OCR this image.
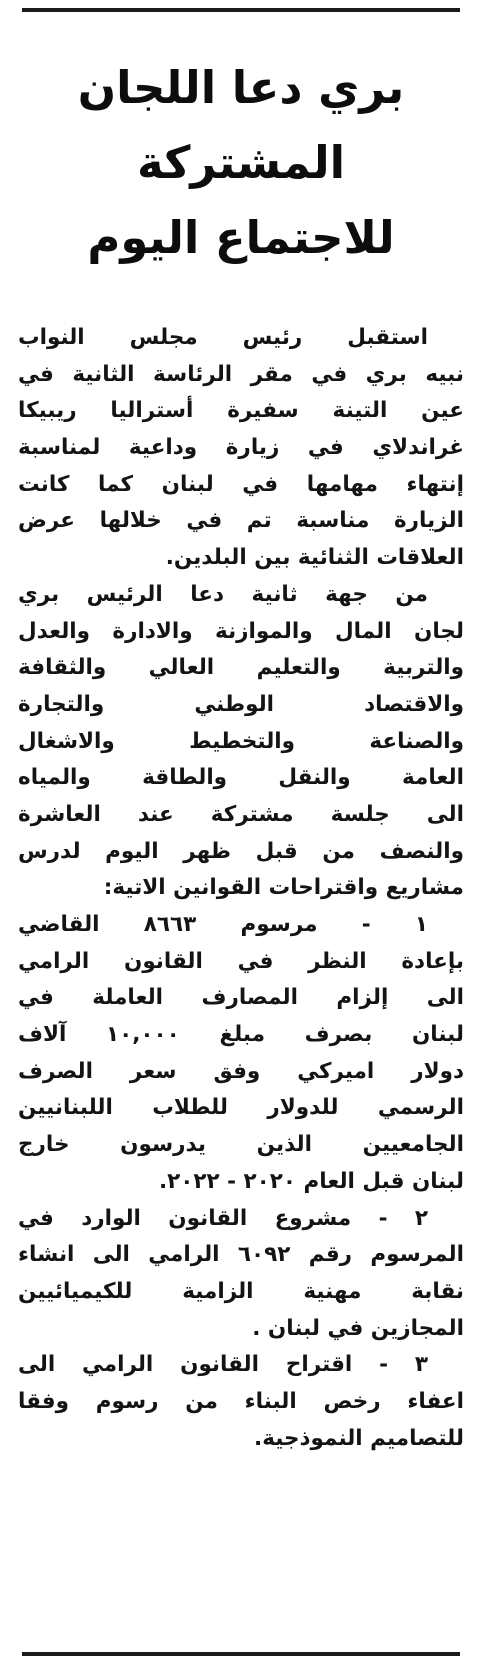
بري دعا اللجان
المشتركة
للاجتماع اليوم
استقبل رئيس مجلس النواب
نبيه بري في مقر الرئاسة الثانية في
عين التينة سفيرة أستراليا ريبيكا
غراندلاي في زيارة وداعية لمناسبة
إنتهاء مهامها في لبنان كما كانت
الزيارة مناسبة تم في خلالها عرض
العلاقات الثنائية بين البلدين.
من جهة ثانية دعا الرئيس بري
لجان المال والموازنة والادارة والعدل
والتربية والتعليم العالي والثقافة
والاقتصاد الوطني والتجارة
والصناعة والتخطيط والاشغال
العامة والنقل والطاقة والمياه
الى جلسة مشتركة عند العاشرة
والنصف من قبل ظهر اليوم لدرس
مشاريع واقتراحات القوانين الاتية:
١ - مرسوم ٨٦٦٣ القاضي
بإعادة النظر في القانون الرامي
الى إلزام المصارف العاملة في
لبنان بصرف مبلغ ١٠,٠٠٠ آلاف
دولار اميركي وفق سعر الصرف
الرسمي للدولار للطلاب اللبنانيين
الجامعيين الذين يدرسون خارج
لبنان قبل العام ٢٠٢٠ - ٢٠٢٢.
٢ - مشروع القانون الوارد في
المرسوم رقم ٦٠٩٢ الرامي الى انشاء
نقابة مهنية الزامية للكيميائيين
المجازين في لبنان .
٣ - اقتراح القانون الرامي الى
اعفاء رخص البناء من رسوم وفقا
للتصاميم النموذجية.
